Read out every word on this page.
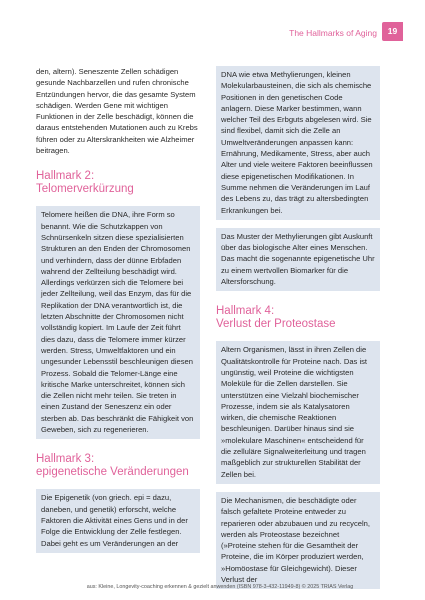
The Hallmarks of Aging	19

den, altern). Seneszente Zellen schädigen gesunde Nachbarzellen und rufen chronische Entzündungen hervor, die das gesamte System schädigen. Werden Gene mit wichtigen Funktionen in der Zelle beschädigt, können die daraus entstehenden Mutationen auch zu Krebs führen oder zu Alterskrankheiten wie Alzheimer beitragen.

Hallmark 2:
Telomerverkürzung

Telomere heißen die DNA, ihre Form so benannt. Wie die Schutzkappen von Schnürsenkeln sitzen diese spezialisierten Strukturen an den Enden der Chromosomen und verhindern, dass der dünne Erbfaden wahrend der Zellteilung beschädigt wird. Allerdings verkürzen sich die Telomere bei jeder Zellteilung, weil das Enzym, das für die Replikation der DNA verantwortlich ist, die letzten Abschnitte der Chromosomen nicht vollständig kopiert. Im Laufe der Zeit führt dies dazu, dass die Telomere immer kürzer werden. Stress, Umweltfaktoren und ein ungesunder Lebensstil beschleunigen diesen Prozess. Sobald die Telomer-Länge eine kritische Marke unterschreitet, können sich die Zellen nicht mehr teilen. Sie treten in einen Zustand der Seneszenz ein oder sterben ab. Das beschränkt die Fähigkeit von Geweben, sich zu regenerieren.

Hallmark 3:
epigenetische Veränderungen

Die Epigenetik (von griech. epi = dazu, daneben, und genetik) erforscht, welche Faktoren die Aktivität eines Gens und in der Folge die Entwicklung der Zelle festlegen. Dabei geht es um Veränderungen an der

DNA wie etwa Methylierungen, kleinen Molekularbausteinen, die sich als chemische Positionen in den genetischen Code anlagern. Diese Marker bestimmen, wann welcher Teil des Erbguts abgelesen wird. Sie sind flexibel, damit sich die Zelle an Umweltveränderungen anpassen kann: Ernährung, Medikamente, Stress, aber auch Alter und viele weitere Faktoren beeinflussen diese epigenetischen Modifikationen. In Summe nehmen die Veränderungen im Lauf des Lebens zu, das trägt zu altersbedingten Erkrankungen bei.

Das Muster der Methylierungen gibt Auskunft über das biologische Alter eines Menschen. Das macht die sogenannte epigenetische Uhr zu einem wertvollen Biomarker für die Altersforschung.

Hallmark 4:
Verlust der Proteostase

Altern Organismen, lässt in ihren Zellen die Qualitätskontrolle für Proteine nach. Das ist ungünstig, weil Proteine die wichtigsten Moleküle für die Zellen darstellen. Sie unterstützen eine Vielzahl biochemischer Prozesse, indem sie als Katalysatoren wirken, die chemische Reaktionen beschleunigen. Darüber hinaus sind sie »molekulare Maschinen« entscheidend für die zelluläre Signalweiterleitung und tragen maßgeblich zur strukturellen Stabilität der Zellen bei.

Die Mechanismen, die beschädigte oder falsch gefaltete Proteine entweder zu reparieren oder abzubauen und zu recyceln, werden als Proteostase bezeichnet (»Proteine stehen für die Gesamtheit der Proteine, die im Körper produziert werden, »Homöostase für Gleichgewicht). Dieser Verlust der

aus: Kleine, Longevity-coaching erkennen & gezielt anwenden (ISBN 978-3-432-11949-8) © 2025 TRIAS Verlag
